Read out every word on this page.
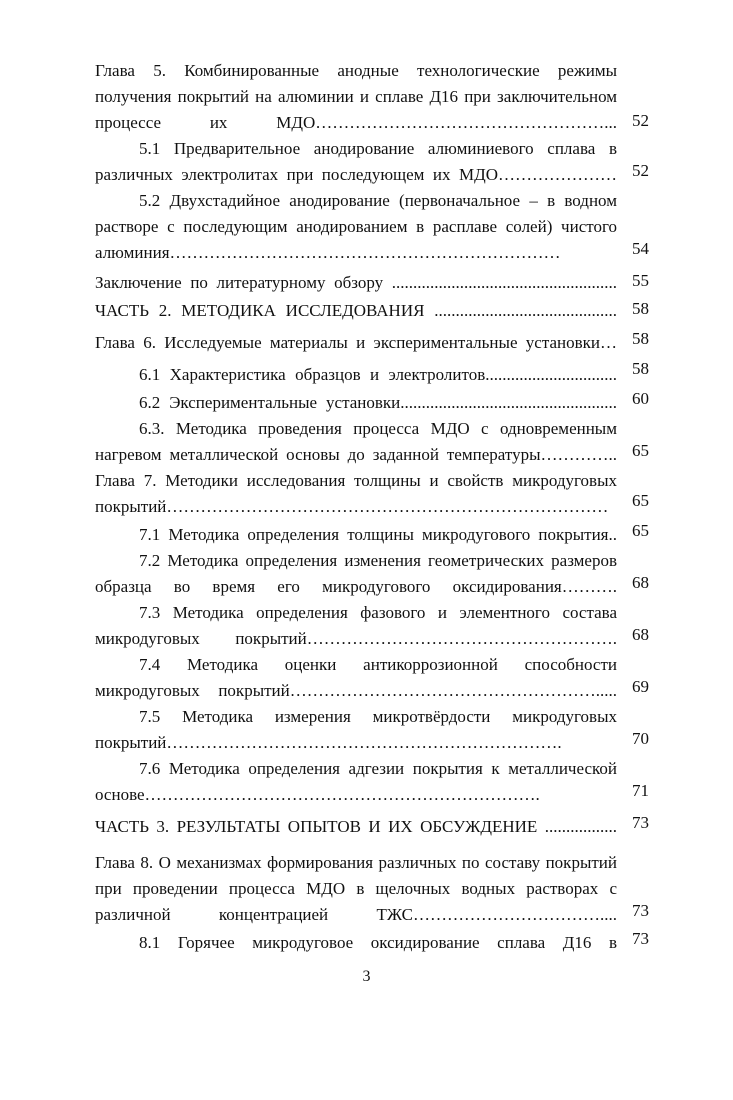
Глава 5. Комбинированные анодные технологические режимы получения покрытий на алюминии и сплаве Д16 при заключительном процессе их МДО……………………………………………... 52
5.1 Предварительное анодирование алюминиевого сплава в различных электролитах при последующем их МДО………………… 52
5.2 Двухстадийное анодирование (первоначальное – в водном растворе с последующим анодированием в расплаве солей) чистого алюминия……………………………………………………………	54
Заключение по литературному обзору ..................................................... 55
ЧАСТЬ 2. МЕТОДИКА ИССЛЕДОВАНИЯ ........................................... 58
Глава 6. Исследуемые материалы и экспериментальные установки… 58
6.1 Характеристика образцов и электролитов............................... 58
6.2 Экспериментальные установки................................................... 60
6.3. Методика проведения процесса МДО с одновременным нагревом металлической основы до заданной температуры………….. 65
Глава 7. Методики исследования толщины и свойств микродуговых покрытий……………………………………………………………………	65
7.1 Методика определения толщины микродугового покрытия.. 65
7.2 Методика определения изменения геометрических размеров образца во время его микродугового оксидирования………. 68
7.3 Методика определения фазового и элементного состава микродуговых покрытий………………………………………………. 68
7.4 Методика оценки антикоррозионной способности микродуговых покрытий………………………………………………..... 69
7.5 Методика измерения микротвёрдости микродуговых покрытий…………………………………………………………….	70
7.6 Методика определения адгезии покрытия к металлической основе…………………………………………………………….	71
ЧАСТЬ 3. РЕЗУЛЬТАТЫ ОПЫТОВ И ИХ ОБСУЖДЕНИЕ ................. 73
Глава 8. О механизмах формирования различных по составу покрытий при проведении процесса МДО в щелочных водных растворах с различной концентрацией ТЖС…………………………….... 73
8.1 Горячее микродуговое оксидирование сплава Д16 в 73
3
